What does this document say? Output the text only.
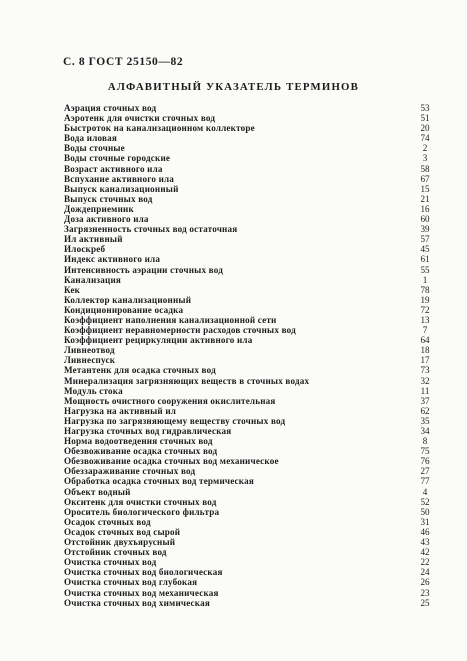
С. 8 ГОСТ 25150—82
АЛФАВИТНЫЙ УКАЗАТЕЛЬ ТЕРМИНОВ
Аэрация сточных вод	53
Аэротенк для очистки сточных вод	51
Быстроток на канализационном коллекторе	20
Вода иловая	74
Воды сточные	2
Воды сточные городские	3
Возраст активного ила	58
Вспухание активного ила	67
Выпуск канализационный	15
Выпуск сточных вод	21
Дождеприемник	16
Доза активного ила	60
Загрязненность сточных вод остаточная	39
Ил активный	57
Илоскреб	45
Индекс активного ила	61
Интенсивность аэрации сточных вод	55
Канализация	1
Кек	78
Коллектор канализационный	19
Кондиционирование осадка	72
Коэффициент наполнения канализационной сети	13
Коэффициент неравномерности расходов сточных вод	7
Коэффициент рециркуляции активного ила	64
Ливнеотвод	18
Ливнеспуск	17
Метантенк для осадка сточных вод	73
Минерализация загрязняющих веществ в сточных водах	32
Модуль стока	11
Мощность очистного сооружения окислительная	37
Нагрузка на активный ил	62
Нагрузка по загрязняющему веществу сточных вод	35
Нагрузка сточных вод гидравлическая	34
Норма водоотведения сточных вод	8
Обезвоживание осадка сточных вод	75
Обезвоживание осадка сточных вод механическое	76
Обеззараживание сточных вод	27
Обработка осадка сточных вод термическая	77
Объект водный	4
Окситенк для очистки сточных вод	52
Ороситель биологического фильтра	50
Осадок сточных вод	31
Осадок сточных вод сырой	46
Отстойник двухъярусный	43
Отстойник сточных вод	42
Очистка сточных вод	22
Очистка сточных вод биологическая	24
Очистка сточных вод глубокая	26
Очистка сточных вод механическая	23
Очистка сточных вод химическая	25
